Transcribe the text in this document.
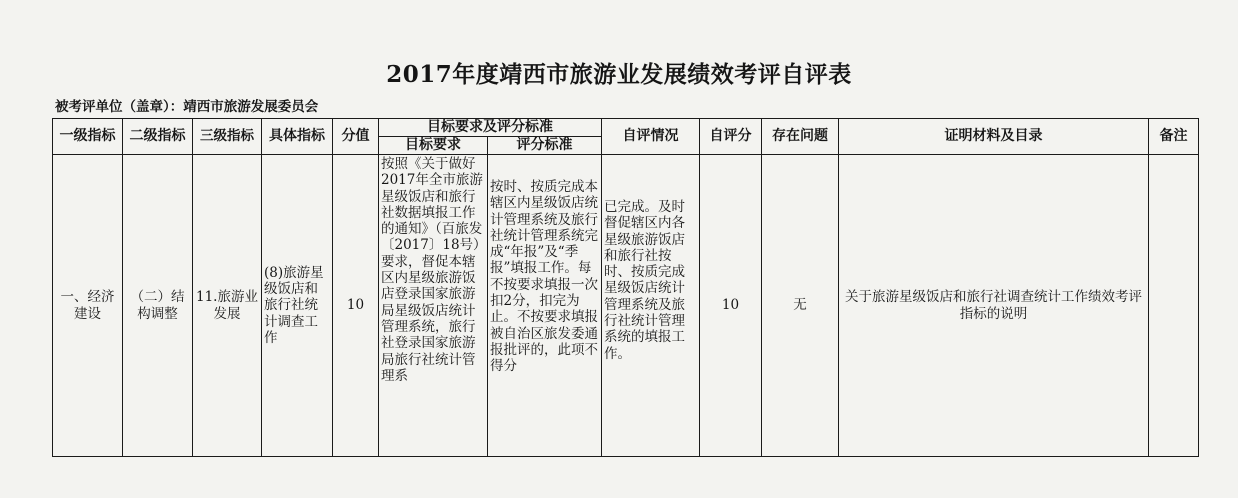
2017年度靖西市旅游业发展绩效考评自评表
被考评单位（盖章）：靖西市旅游发展委员会
一级指标	二级指标	三级指标	具体指标	分值	目标要求及评分标准		自评情况	自评分	存在问题	证明材料及目录	备注
					目标要求	评分标准					
一、经济建设	（二）结构调整	11.旅游业发展	(8)旅游星级饭店和旅行社统计调查工作	10	按照《关于做好2017年全市旅游星级饭店和旅行社数据填报工作的通知》（百旅发〔2017〕18号）要求，督促本辖区内星级旅游饭店登录国家旅游局星级饭店统计管理系统，旅行社登录国家旅游局旅行社统计管理系	按时、按质完成本辖区内星级饭店统计管理系统及旅行社统计管理系统完成“年报”及“季报”填报工作。每不按要求填报一次扣2分，扣完为止。不按要求填报被自治区旅发委通报批评的，此项不得分	已完成。及时督促辖区内各星级旅游饭店和旅行社按时、按质完成星级饭店统计管理系统及旅行社统计管理系统的填报工作。	10	无	关于旅游星级饭店和旅行社调查统计工作绩效考评指标的说明	
